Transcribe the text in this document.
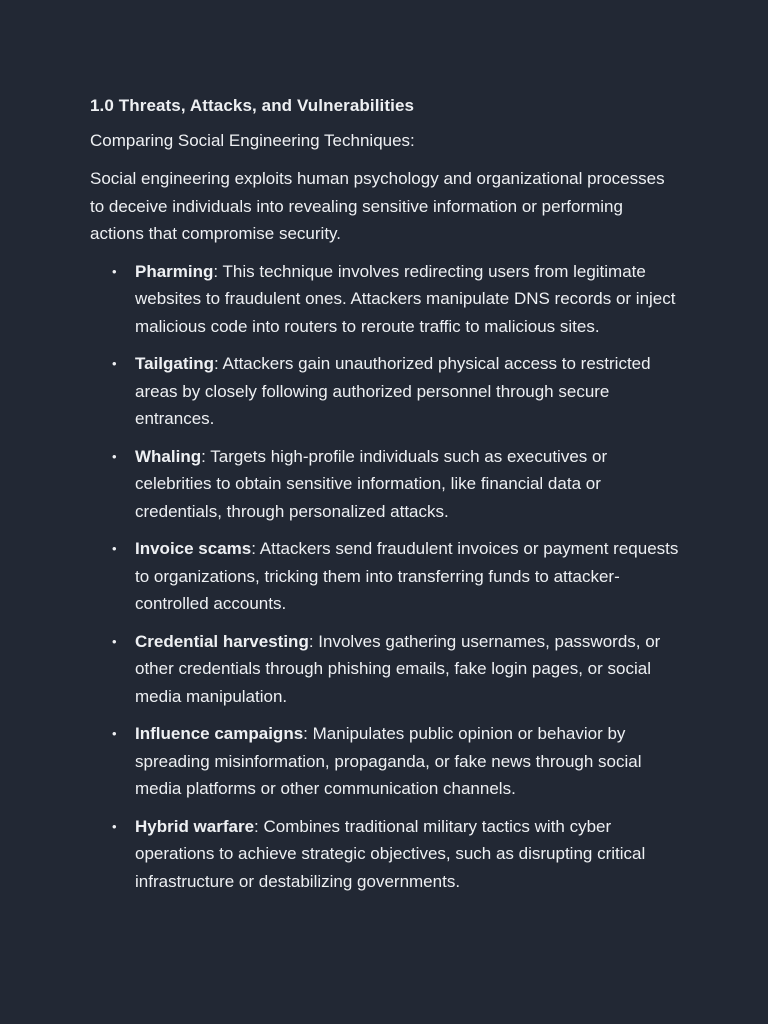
1.0 Threats, Attacks, and Vulnerabilities
Comparing Social Engineering Techniques:
Social engineering exploits human psychology and organizational processes to deceive individuals into revealing sensitive information or performing actions that compromise security.
• Pharming: This technique involves redirecting users from legitimate websites to fraudulent ones. Attackers manipulate DNS records or inject malicious code into routers to reroute traffic to malicious sites.
• Tailgating: Attackers gain unauthorized physical access to restricted areas by closely following authorized personnel through secure entrances.
• Whaling: Targets high-profile individuals such as executives or celebrities to obtain sensitive information, like financial data or credentials, through personalized attacks.
• Invoice scams: Attackers send fraudulent invoices or payment requests to organizations, tricking them into transferring funds to attacker-controlled accounts.
• Credential harvesting: Involves gathering usernames, passwords, or other credentials through phishing emails, fake login pages, or social media manipulation.
• Influence campaigns: Manipulates public opinion or behavior by spreading misinformation, propaganda, or fake news through social media platforms or other communication channels.
• Hybrid warfare: Combines traditional military tactics with cyber operations to achieve strategic objectives, such as disrupting critical infrastructure or destabilizing governments.
